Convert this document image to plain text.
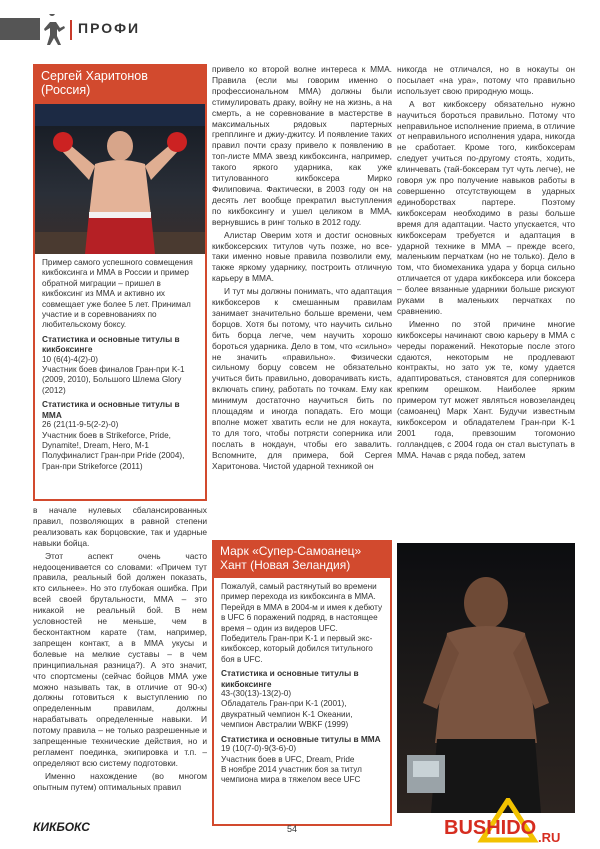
ПРОФИ
Сергей Харитонов
(Россия)
Пример самого успешного совмещения кикбоксинга и ММА в России и пример обратной миграции – пришел в кикбоксинг из ММА и активно их совмещает уже более 5 лет. Принимал участие и в соревнованиях по любительскому боксу.
Статистика и основные титулы в кикбоксинге
10 (6(4)-4(2)-0)
Участник боев финалов Гран-при K-1 (2009, 2010), Большого Шлема Glory (2012)
Статистика и основные титулы в ММА
26 (21(11-9-5(2-2)-0)
Участник боев в Strikeforce, Pride, Dynamite!, Dream, Hero, M-1
Полуфиналист Гран-при Pride (2004), Гран-при Strikeforce (2011)

в начале нулевых сбалансированных правил, позволяющих в равной степени реализовать как борцовские, так и ударные навыки бойца.

Этот аспект очень часто недооценивается со словами: «Причем тут правила, реальный бой должен показать, кто сильнее». Но это глубокая ошибка. При всей своей брутальности, ММА – это никакой не реальный бой. В нем условностей не меньше, чем в бесконтактном карате (там, например, запрещен контакт, а в ММА укусы и болевые на мелкие суставы – в чем принципиальная разница?). А это значит, что спортсмены (сейчас бойцов ММА уже можно называть так, в отличие от 90-х) должны готовиться к выступлению по определенным правилам, должны нарабатывать определенные навыки. И потому правила – не только разрешенные и запрещенные технические действия, но и регламент поединка, экипировка и т.п. – определяют всю систему подготовки.

Именно нахождение (во многом опытным путем) оптимальных правил

привело ко второй волне интереса к ММА. Правила (если мы говорим именно о профессиональном ММА) должны были стимулировать драку, войну не на жизнь, а на смерть, а не соревнование в мастерстве в максимальных рядовых партерных грепплинге и джиу-джитсу. И появление таких правил почти сразу привело к появлению в топ-листе ММА звезд кикбоксинга, например, такого яркого ударника, как уже титулованного кикбоксера Мирко Филиповича. Фактически, в 2003 году он на десять лет вообще прекратил выступления по кикбоксингу и ушел целиком в ММА, вернувшись в ринг только в 2012 году.

Алистар Оверим хотя и достиг основных кикбоксерских титулов чуть позже, но все-таки именно новые правила позволили ему, также яркому ударнику, построить отличную карьеру в ММА.

И тут мы должны понимать, что адаптация кикбоксеров к смешанным правилам занимает значительно больше времени, чем борцов. Хотя бы потому, что научить сильно бить борца легче, чем научить хорошо бороться ударника. Дело в том, что «сильно» не значить «правильно». Физически сильному борцу совсем не обязательно учиться бить правильно, доворачивать кисть, включать спину, работать по точкам. Ему как минимум достаточно научиться бить по площадям и иногда попадать. Его мощи вполне может хватить если не для нокаута, то для того, чтобы потрясти соперника или послать в нокдаун, чтобы его завалить. Вспомните, для примера, бой Сергея Харитонова. Чистой ударной техникой он

никогда не отличался, но в нокауты он посылает «на ура», потому что правильно использует свою природную мощь.

А вот кикбоксеру обязательно нужно научиться бороться правильно. Потому что неправильное исполнение приема, в отличие от неправильного исполнения удара, никогда не сработает. Кроме того, кикбоксерам следует учиться по-другому стоять, ходить, клинчевать (тай-боксерам тут чуть легче), не говоря уж про получение навыков работы в совершенно отсутствующем в ударных единоборствах партере. Поэтому кикбоксерам необходимо в разы больше время для адаптации. Часто упускается, что кикбоксерам требуется и адаптация в ударной технике в ММА – прежде всего, маленьким перчаткам (но не только). Дело в том, что биомеханика удара у борца сильно отличается от удара кикбоксера или боксера – более вязанные ударники больше рискуют руками в маленьких перчатках по сравнению.

Именно по этой причине многие кикбоксеры начинают свою карьеру в ММА с череды поражений. Некоторые после этого сдаются, некоторым не продлевают контракты, но зато уж те, кому удается адаптироваться, становятся для соперников крепким орешком. Наиболее ярким примером тут может являться новозеландец (самоанец) Марк Хант. Будучи известным кикбоксером и обладателем Гран-при K-1 2001 года, превзошим тогомонио голландцев, с 2004 года он стал выступать в ММА. Начав с ряда побед, затем

Марк «Супер-Самоанец»
Хант (Новая Зеландия)
Пожалуй, самый растянутый во времени пример перехода из кикбоксинга в ММА. Перейдя в ММА в 2004-м и имея к дебюту в UFC 6 поражений подряд, в настоящее время – один из видеров UFC.
Победитель Гран-при K-1 и первый экс-кикбоксер, который добился титульного боя в UFC.
Статистика и основные титулы в кикбоксинге
43-(30(13)-13(2)-0)
Обладатель Гран-при K-1 (2001), двукратный чемпион K-1 Океании, чемпион Австралии WBKF (1999)
Статистика и основные титулы в ММА
19 (10(7-0)-9(3-6)-0)
Участник боев в UFC, Dream, Pride
В ноябре 2014 участник боя за титул чемпиона мира в тяжелом весе UFC
КИКБОКС	54	BUSHIDO .RU
